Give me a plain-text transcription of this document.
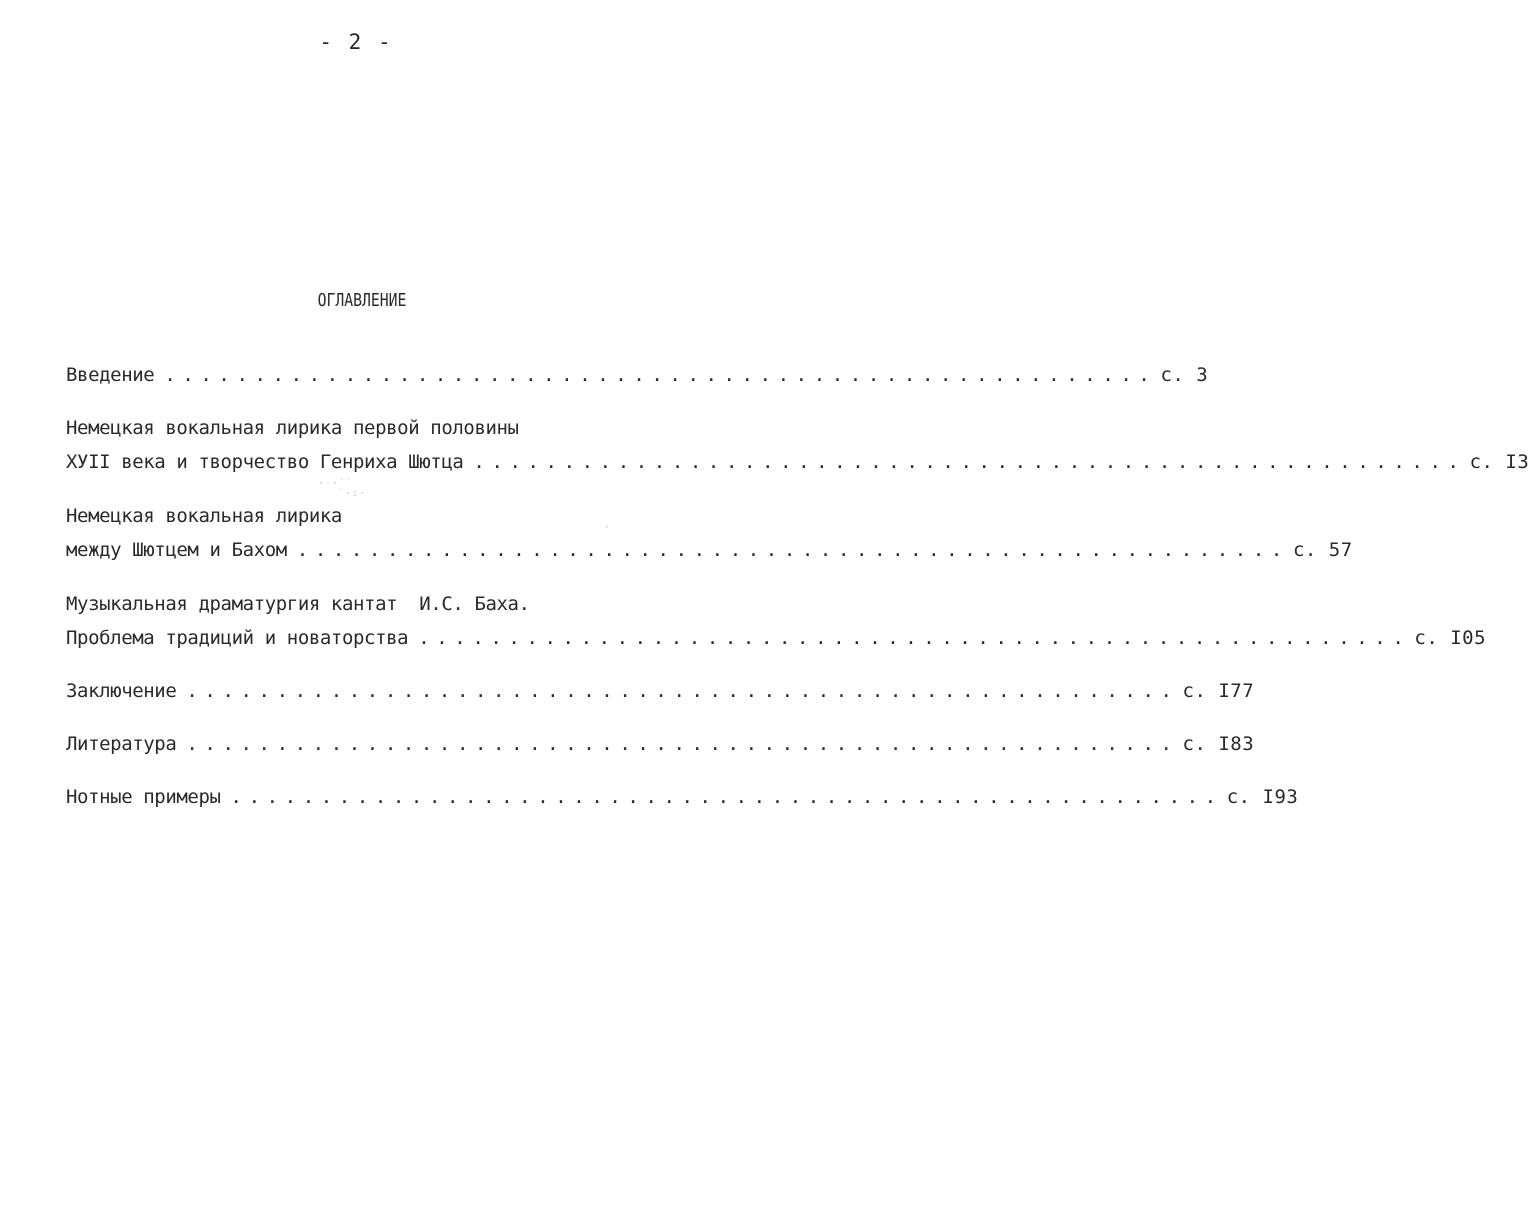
- 2 -
ОГЛАВЛЕНИЕ
· ·˙˙
˙·:·
·
Введение ....................................................... с. 3
Немецкая вокальная лирика первой половины
ХУII века и творчество Генриха Шютца ....................................................... с. I3
Немецкая вокальная лирика
между Шютцем и Бахом ....................................................... с. 57
Музыкальная драматургия кантат  И.С. Баха.
Проблема традиций и новаторства ....................................................... с. I05
Заключение ....................................................... с. I77
Литература ....................................................... с. I83
Нотные примеры ....................................................... с. I93
